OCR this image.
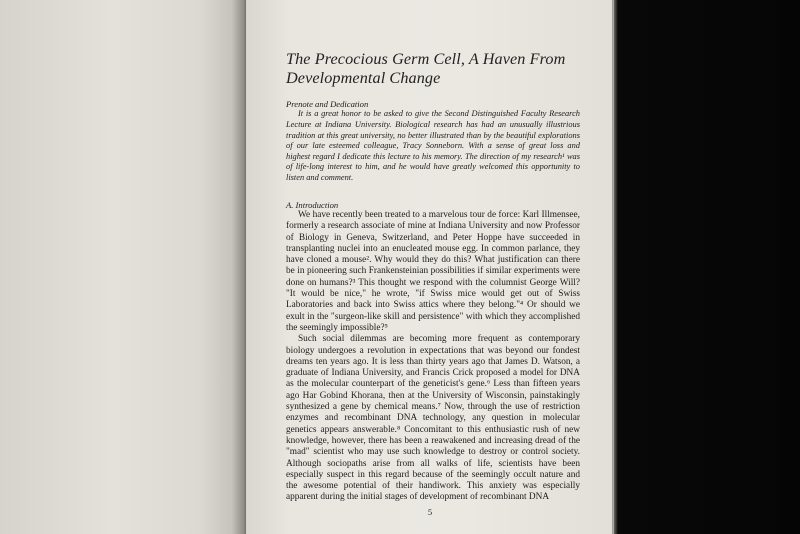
The Precocious Germ Cell, A Haven From Developmental Change
Prenote and Dedication

It is a great honor to be asked to give the Second Distinguished Faculty Research Lecture at Indiana University. Biological research has had an unusually illustrious tradition at this great university, no better illustrated than by the beautiful explorations of our late esteemed colleague, Tracy Sonneborn. With a sense of great loss and highest regard I dedicate this lecture to his memory. The direction of my research¹ was of life-long interest to him, and he would have greatly welcomed this opportunity to listen and comment.

A. Introduction

We have recently been treated to a marvelous tour de force: Karl Illmensee, formerly a research associate of mine at Indiana University and now Professor of Biology in Geneva, Switzerland, and Peter Hoppe have succeeded in transplanting nuclei into an enucleated mouse egg. In common parlance, they have cloned a mouse². Why would they do this? What justification can there be in pioneering such Frankensteinian possibilities if similar experiments were done on humans?³ This thought we respond with the columnist George Will? "It would be nice," he wrote, "if Swiss mice would get out of Swiss Laboratories and back into Swiss attics where they belong."⁴ Or should we exult in the "surgeon-like skill and persistence" with which they accomplished the seemingly impossible?⁵

Such social dilemmas are becoming more frequent as contemporary biology undergoes a revolution in expectations that was beyond our fondest dreams ten years ago. It is less than thirty years ago that James D. Watson, a graduate of Indiana University, and Francis Crick proposed a model for DNA as the molecular counterpart of the geneticist's gene.⁶ Less than fifteen years ago Har Gobind Khorana, then at the University of Wisconsin, painstakingly synthesized a gene by chemical means.⁷ Now, through the use of restriction enzymes and recombinant DNA technology, any question in molecular genetics appears answerable.⁸ Concomitant to this enthusiastic rush of new knowledge, however, there has been a reawakened and increasing dread of the "mad" scientist who may use such knowledge to destroy or control society. Although sociopaths arise from all walks of life, scientists have been especially suspect in this regard because of the seemingly occult nature and the awesome potential of their handiwork. This anxiety was especially apparent during the initial stages of development of recombinant DNA

5
